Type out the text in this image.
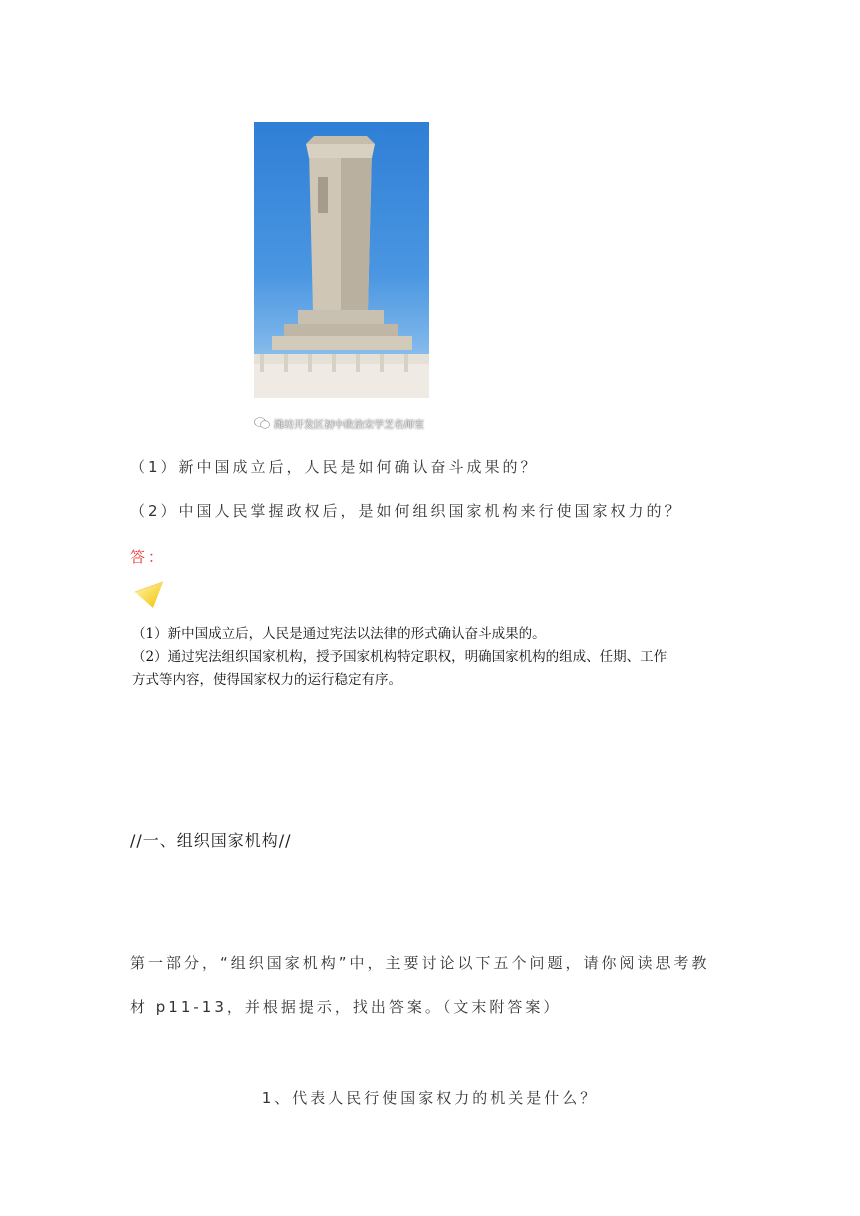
潍坊开发区初中政治宋学芝名师室
（1）新中国成立后，人民是如何确认奋斗成果的？
（2）中国人民掌握政权后，是如何组织国家机构来行使国家权力的？
答：
（1）新中国成立后，人民是通过宪法以法律的形式确认奋斗成果的。
（2）通过宪法组织国家机构，授予国家机构特定职权，明确国家机构的组成、任期、工作
方式等内容，使得国家权力的运行稳定有序。
//一、组织国家机构//
第一部分，“组织国家机构”中，主要讨论以下五个问题，请你阅读思考教
材 p11-13，并根据提示，找出答案。（文末附答案）
1、代表人民行使国家权力的机关是什么？
